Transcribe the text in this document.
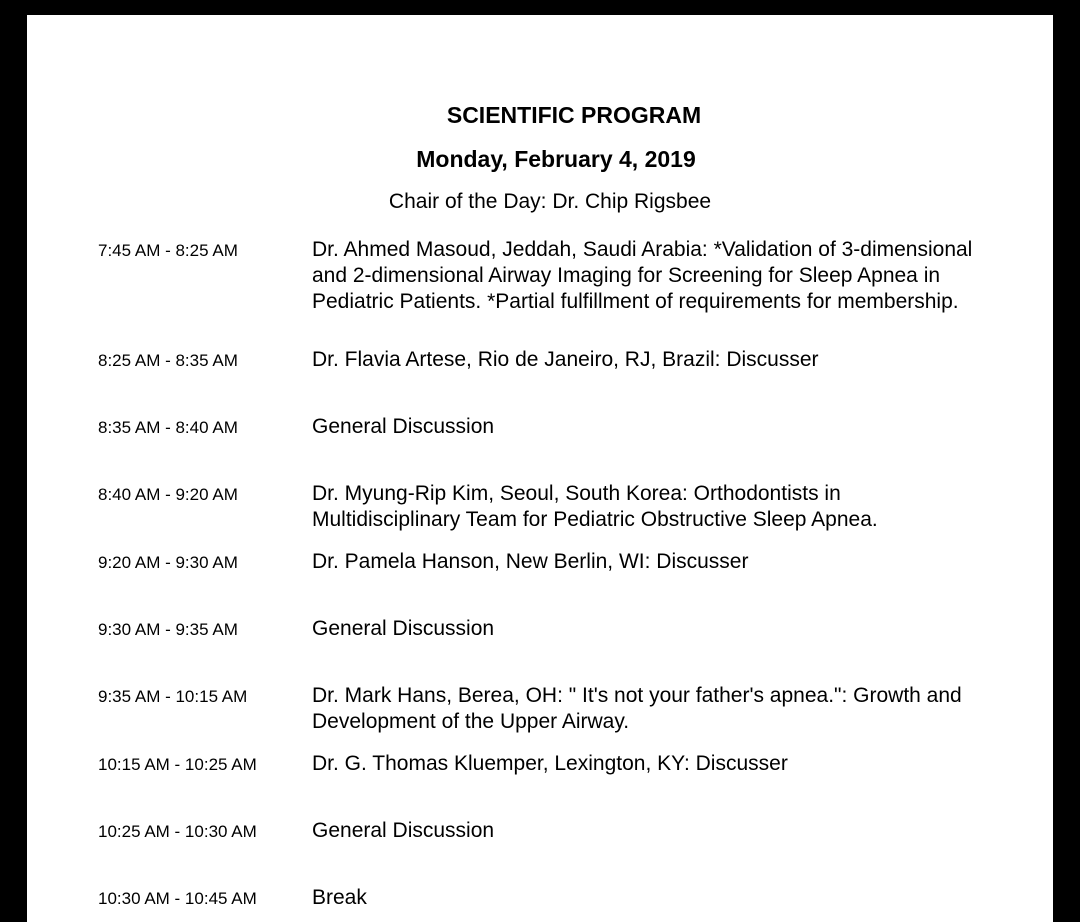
SCIENTIFIC PROGRAM
Monday, February 4, 2019

Chair of the Day: Dr. Chip Rigsbee

7:45 AM - 8:25 AM	Dr. Ahmed Masoud, Jeddah, Saudi Arabia: *Validation of 3-dimensional and 2-dimensional Airway Imaging for Screening for Sleep Apnea in Pediatric Patients. *Partial fulfillment of requirements for membership.
8:25 AM - 8:35 AM	Dr. Flavia Artese, Rio de Janeiro, RJ, Brazil: Discusser
8:35 AM - 8:40 AM	General Discussion
8:40 AM - 9:20 AM	Dr. Myung-Rip Kim, Seoul, South Korea: Orthodontists in Multidisciplinary Team for Pediatric Obstructive Sleep Apnea.
9:20 AM - 9:30 AM	Dr. Pamela Hanson, New Berlin, WI: Discusser
9:30 AM - 9:35 AM	General Discussion
9:35 AM - 10:15 AM	Dr. Mark Hans, Berea, OH: " It's not your father's apnea.": Growth and Development of the Upper Airway.
10:15 AM - 10:25 AM	Dr. G. Thomas Kluemper, Lexington, KY: Discusser
10:25 AM - 10:30 AM	General Discussion
10:30 AM - 10:45 AM	Break
